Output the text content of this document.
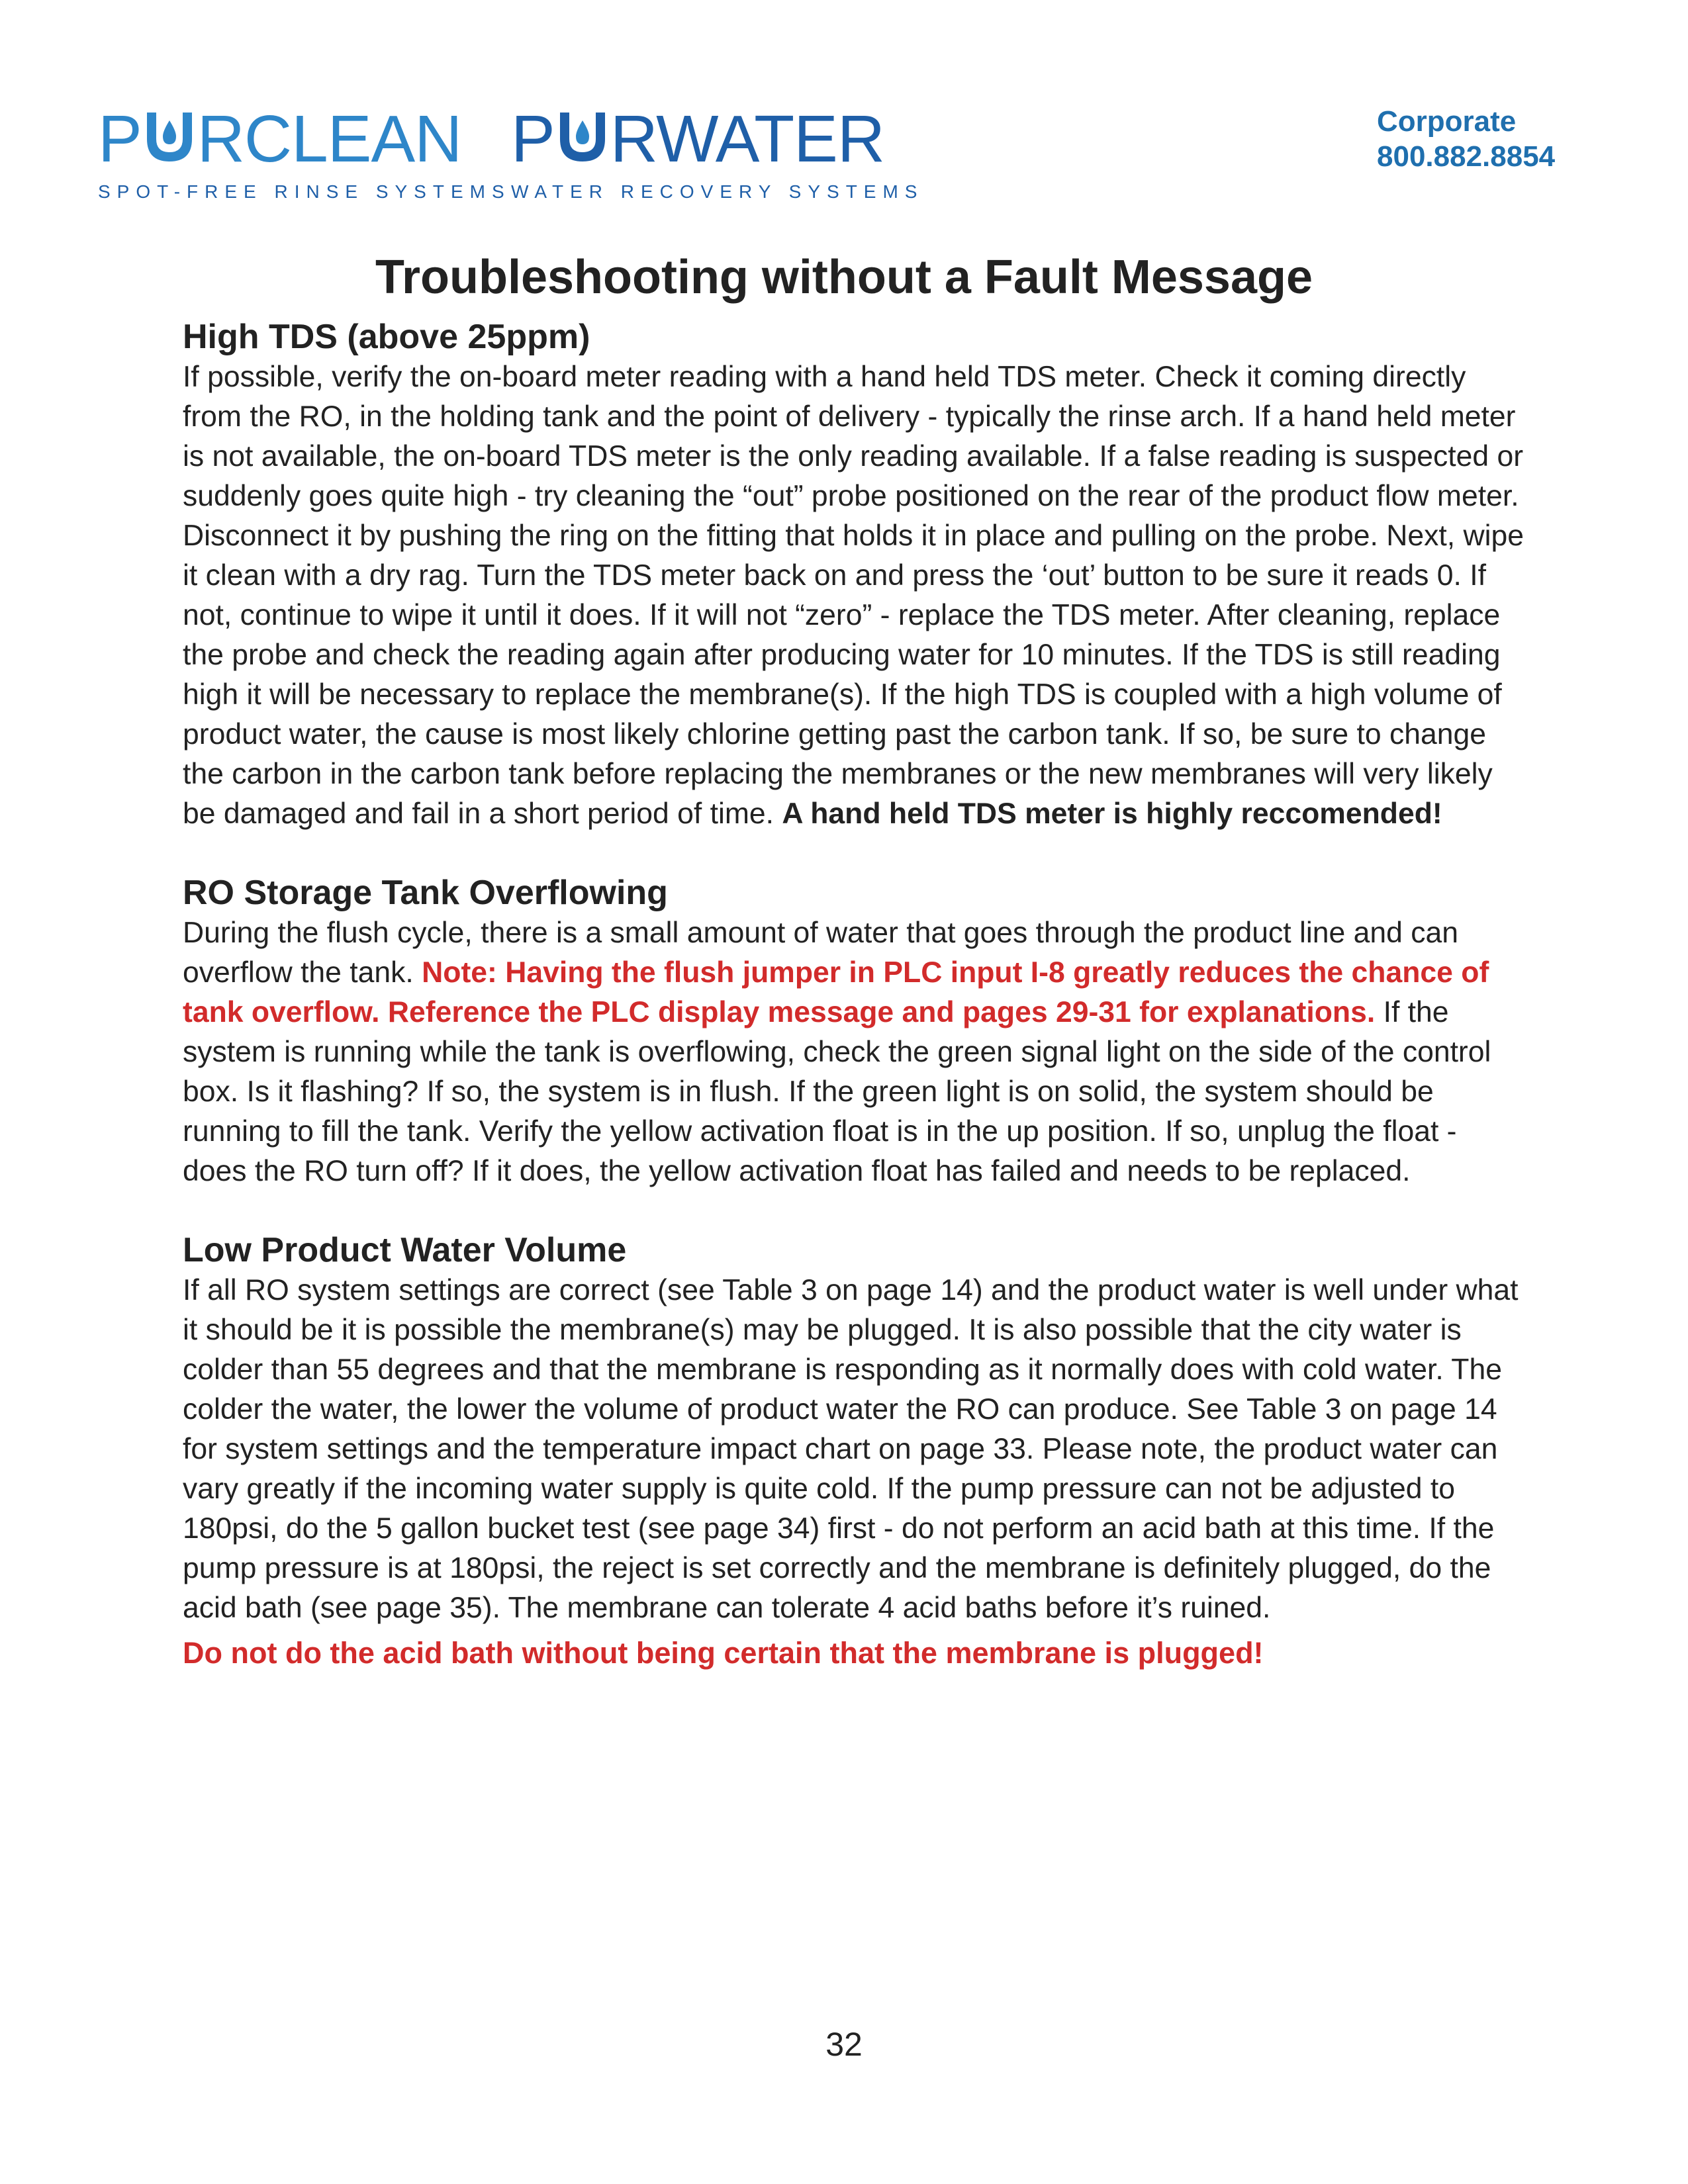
P RCLEAN
SPOT-FREE RINSE SYSTEMS
P RWATER
WATER RECOVERY SYSTEMS
Corporate
800.882.8854
Troubleshooting without a Fault Message
High TDS (above 25ppm)

If possible, verify the on-board meter reading with a hand held TDS meter. Check it coming directly from the RO, in the holding tank and the point of delivery - typically the rinse arch. If a hand held meter is not available, the on-board TDS meter is the only reading available. If a false reading is suspected or suddenly goes quite high - try cleaning the “out” probe positioned on the rear of the product flow meter. Disconnect it by pushing the ring on the fitting that holds it in place and pulling on the probe. Next, wipe it clean with a dry rag. Turn the TDS meter back on and press the ‘out’ button to be sure it reads 0. If not, continue to wipe it until it does. If it will not “zero” - replace the TDS meter. After cleaning, replace the probe and check the reading again after producing water for 10 minutes. If the TDS is still reading high it will be necessary to replace the membrane(s). If the high TDS is coupled with a high volume of product water, the cause is most likely chlorine getting past the carbon tank. If so, be sure to change the carbon in the carbon tank before replacing the membranes or the new membranes will very likely be damaged and fail in a short period of time. A hand held TDS meter is highly reccomended!

RO Storage Tank Overflowing

During the flush cycle, there is a small amount of water that goes through the product line and can overflow the tank. Note: Having the flush jumper in PLC input I-8 greatly reduces the chance of tank overflow. Reference the PLC display message and pages 29-31 for explanations. If the system is running while the tank is overflowing, check the green signal light on the side of the control box. Is it flashing? If so, the system is in flush. If the green light is on solid, the system should be running to fill the tank. Verify the yellow activation float is in the up position. If so, unplug the float - does the RO turn off? If it does, the yellow activation float has failed and needs to be replaced.

Low Product Water Volume

If all RO system settings are correct (see Table 3 on page 14) and the product water is well under what it should be it is possible the membrane(s) may be plugged. It is also possible that the city water is colder than 55 degrees and that the membrane is responding as it normally does with cold water. The colder the water, the lower the volume of product water the RO can produce. See Table 3 on page 14 for system settings and the temperature impact chart on page 33. Please note, the product water can vary greatly if the incoming water supply is quite cold. If the pump pressure can not be adjusted to 180psi, do the 5 gallon bucket test (see page 34) first - do not perform an acid bath at this time. If the pump pressure is at 180psi, the reject is set correctly and the membrane is definitely plugged, do the acid bath (see page 35). The membrane can tolerate 4 acid baths before it’s ruined.

Do not do the acid bath without being certain that the membrane is plugged!

32
